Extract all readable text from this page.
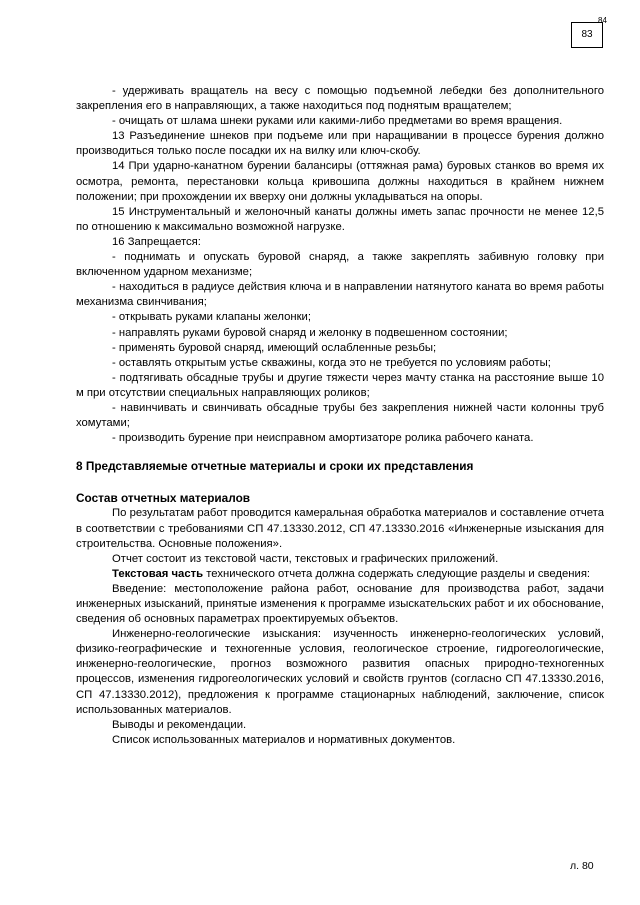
83
84

- удерживать вращатель на весу с помощью подъемной лебедки без дополнительного закрепления его в направляющих, а также находиться под поднятым вращателем;

- очищать от шлама шнеки руками или какими-либо предметами во время вращения.

13 Разъединение шнеков при подъеме или при наращивании в процессе бурения должно производиться только после посадки их на вилку или ключ-скобу.

14 При ударно-канатном бурении балансиры (оттяжная рама) буровых станков во время их осмотра, ремонта, перестановки кольца кривошипа должны находиться в крайнем нижнем положении; при прохождении их вверху они должны укладываться на опоры.

15 Инструментальный и желоночный канаты должны иметь запас прочности не менее 12,5 по отношению к максимально возможной нагрузке.

16 Запрещается:

- поднимать и опускать буровой снаряд, а также закреплять забивную головку при включенном ударном механизме;

- находиться в радиусе действия ключа и в направлении натянутого каната во время работы механизма свинчивания;

- открывать руками клапаны желонки;

- направлять руками буровой снаряд и желонку в подвешенном состоянии;

- применять буровой снаряд, имеющий ослабленные резьбы;

- оставлять открытым устье скважины, когда это не требуется по условиям работы;

- подтягивать обсадные трубы и другие тяжести через мачту станка на расстояние выше 10 м при отсутствии специальных направляющих роликов;

- навинчивать и свинчивать обсадные трубы без закрепления нижней части колонны труб хомутами;

- производить бурение при неисправном амортизаторе ролика рабочего каната.

8 Представляемые отчетные материалы и сроки их представления

Состав отчетных материалов

По результатам работ проводится камеральная обработка материалов и составление отчета в соответствии с требованиями СП 47.13330.2012, СП 47.13330.2016 «Инженерные изыскания для строительства. Основные положения».

Отчет состоит из текстовой части, текстовых и графических приложений.

Текстовая часть технического отчета должна содержать следующие разделы и сведения:

Введение: местоположение района работ, основание для производства работ, задачи инженерных изысканий, принятые изменения к программе изыскательских работ и их обоснование, сведения об основных параметрах проектируемых объектов.

Инженерно-геологические изыскания: изученность инженерно-геологических условий, физико-географические и техногенные условия, геологическое строение, гидрогеологические, инженерно-геологические, прогноз возможного развития опасных природно-техногенных процессов, изменения гидрогеологических условий и свойств грунтов (согласно СП 47.13330.2016, СП 47.13330.2012), предложения к программе стационарных наблюдений, заключение, список использованных материалов.

Выводы и рекомендации.

Список использованных материалов и нормативных документов.

л. 80
